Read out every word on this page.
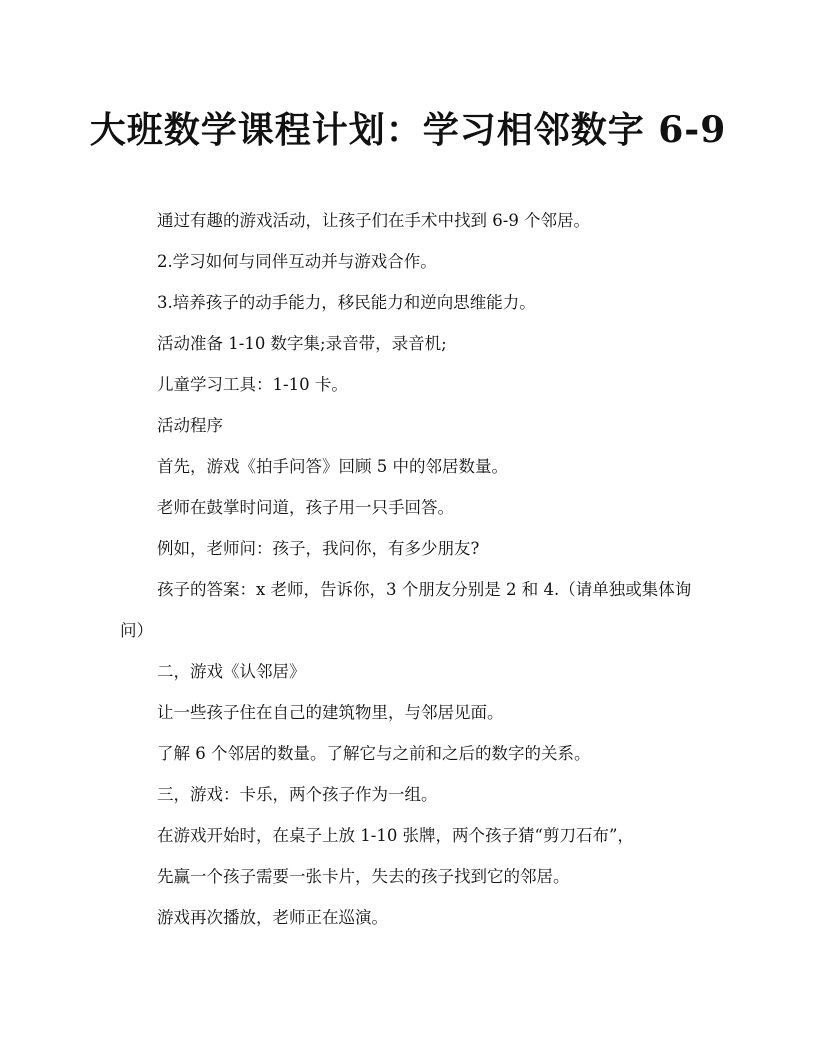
大班数学课程计划：学习相邻数字 6-9

通过有趣的游戏活动，让孩子们在手术中找到 6-9 个邻居。

2.学习如何与同伴互动并与游戏合作。

3.培养孩子的动手能力，移民能力和逆向思维能力。

活动准备 1-10 数字集;录音带，录音机;

儿童学习工具：1-10 卡。

活动程序

首先，游戏《拍手问答》回顾 5 中的邻居数量。

老师在鼓掌时问道，孩子用一只手回答。

例如，老师问：孩子，我问你，有多少朋友?

孩子的答案：x 老师，告诉你，3 个朋友分别是 2 和 4.（请单独或集体询问）

二，游戏《认邻居》

让一些孩子住在自己的建筑物里，与邻居见面。

了解 6 个邻居的数量。了解它与之前和之后的数字的关系。

三，游戏：卡乐，两个孩子作为一组。

在游戏开始时，在桌子上放 1-10 张牌，两个孩子猜“剪刀石布”，

先赢一个孩子需要一张卡片，失去的孩子找到它的邻居。

游戏再次播放，老师正在巡演。
